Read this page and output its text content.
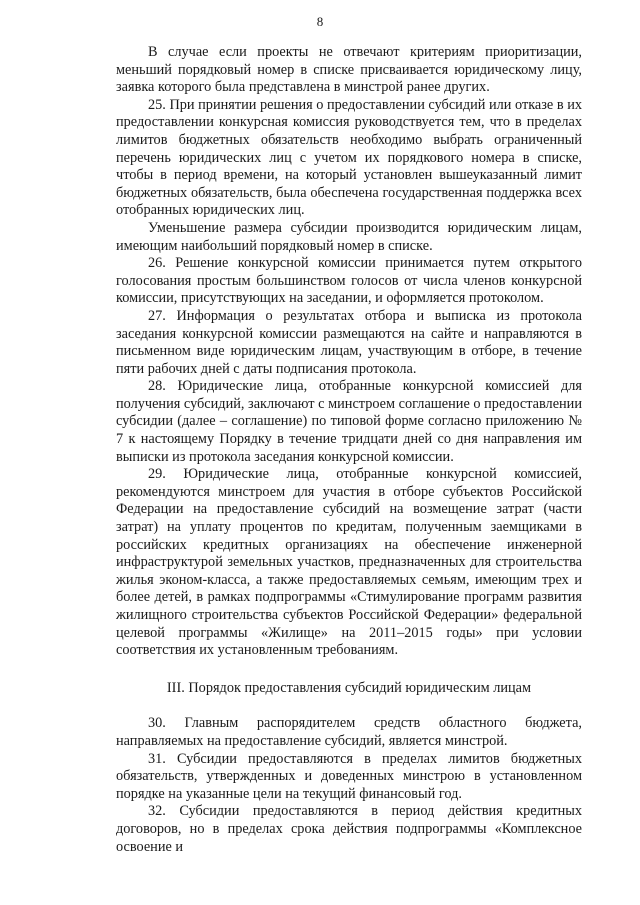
8

В случае если проекты не отвечают критериям приоритизации, меньший порядковый номер в списке присваивается юридическому лицу, заявка которого была представлена в минстрой ранее других.

25. При принятии решения о предоставлении субсидий или отказе в их предоставлении конкурсная комиссия руководствуется тем, что в пределах лимитов бюджетных обязательств необходимо выбрать ограниченный перечень юридических лиц с учетом их порядкового номера в списке, чтобы в период времени, на который установлен вышеуказанный лимит бюджетных обязательств, была обеспечена государственная поддержка всех отобранных юридических лиц.

Уменьшение размера субсидии производится юридическим лицам, имеющим наибольший порядковый номер в списке.

26. Решение конкурсной комиссии принимается путем открытого голосования простым большинством голосов от числа членов конкурсной комиссии, присутствующих на заседании, и оформляется протоколом.

27. Информация о результатах отбора и выписка из протокола заседания конкурсной комиссии размещаются на сайте и направляются в письменном виде юридическим лицам, участвующим в отборе, в течение пяти рабочих дней с даты подписания протокола.

28. Юридические лица, отобранные конкурсной комиссией для получения субсидий, заключают с минстроем соглашение о предоставлении субсидии (далее – соглашение) по типовой форме согласно приложению № 7 к настоящему Порядку в течение тридцати дней со дня направления им выписки из протокола заседания конкурсной комиссии.

29. Юридические лица, отобранные конкурсной комиссией, рекомендуются минстроем для участия в отборе субъектов Российской Федерации на предоставление субсидий на возмещение затрат (части затрат) на уплату процентов по кредитам, полученным заемщиками в российских кредитных организациях на обеспечение инженерной инфраструктурой земельных участков, предназначенных для строительства жилья эконом-класса, а также предоставляемых семьям, имеющим трех и более детей, в рамках подпрограммы «Стимулирование программ развития жилищного строительства субъектов Российской Федерации» федеральной целевой программы «Жилище» на 2011–2015 годы» при условии соответствия их установленным требованиям.

III. Порядок предоставления субсидий юридическим лицам

30. Главным распорядителем средств областного бюджета, направляемых на предоставление субсидий, является минстрой.

31. Субсидии предоставляются в пределах лимитов бюджетных обязательств, утвержденных и доведенных минстрою в установленном порядке на указанные цели на текущий финансовый год.

32. Субсидии предоставляются в период действия кредитных договоров, но в пределах срока действия подпрограммы «Комплексное освоение и
